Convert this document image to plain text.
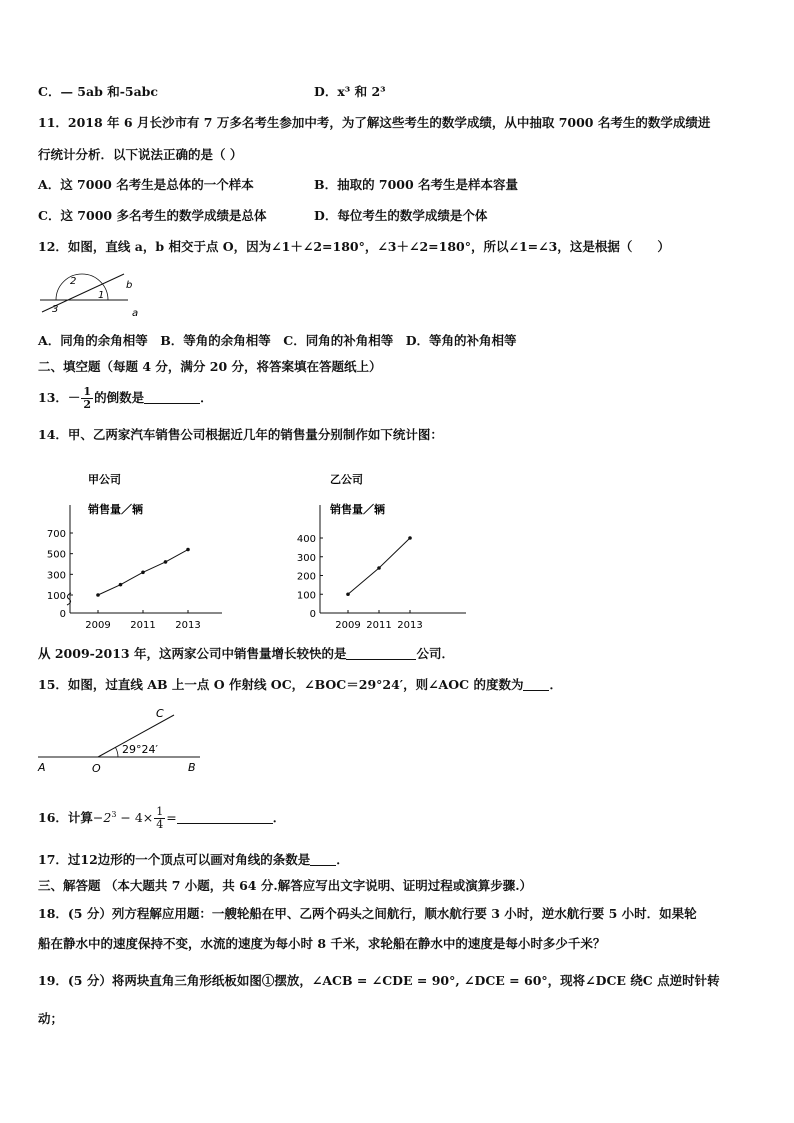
C．— 5ab 和-5abc	D．x³ 和 2³
11．2018 年 6 月长沙市有 7 万多名考生参加中考，为了解这些考生的数学成绩，从中抽取 7000 名考生的数学成绩进
行统计分析．以下说法正确的是（ ）
A．这 7000 名考生是总体的一个样本	B．抽取的 7000 名考生是样本容量
C．这 7000 多名考生的数学成绩是总体	D．每位考生的数学成绩是个体
12．如图，直线 a，b 相交于点 O，因为∠1＋∠2=180°，∠3＋∠2=180°，所以∠1=∠3，这是根据（　　）
1
2
3
b
a
A．同角的余角相等　B．等角的余角相等　C．同角的补角相等　D．等角的补角相等
二、填空题（每题 4 分，满分 20 分，将答案填在答题纸上）
13．－ $\frac{1}{2}$ 的倒数是	．
14．甲、乙两家汽车销售公司根据近几年的销售量分别制作如下统计图：
甲公司
销售量／辆
0
100
300
500
700
2009 2011 2013
乙公司
销售量／辆
0
100
200
300
400
2009 2011 2013
从 2009-2013 年，这两家公司中销售量增长较快的是	公司．
15．如图，过直线 AB 上一点 O 作射线 OC，∠BOC＝29°24′，则∠AOC 的度数为 ．
C
29°24′
A	O	B
16．计算$-2^3 - 4\times \frac{1}{4}$ =	．
17．过12边形的一个顶点可以画对角线的条数是 ．
三、解答题 （本大题共 7 小题，共 64 分.解答应写出文字说明、证明过程或演算步骤.）
18．(5 分）列方程解应用题：一艘轮船在甲、乙两个码头之间航行，顺水航行要 3 小时，逆水航行要 5 小时．如果轮
船在静水中的速度保持不变，水流的速度为每小时 8 千米，求轮船在静水中的速度是每小时多少千米？
19．(5 分）将两块直角三角形纸板如图①摆放，∠ACB = ∠CDE = 90°, ∠DCE = 60°，现将∠DCE 绕C 点逆时针转
动；
